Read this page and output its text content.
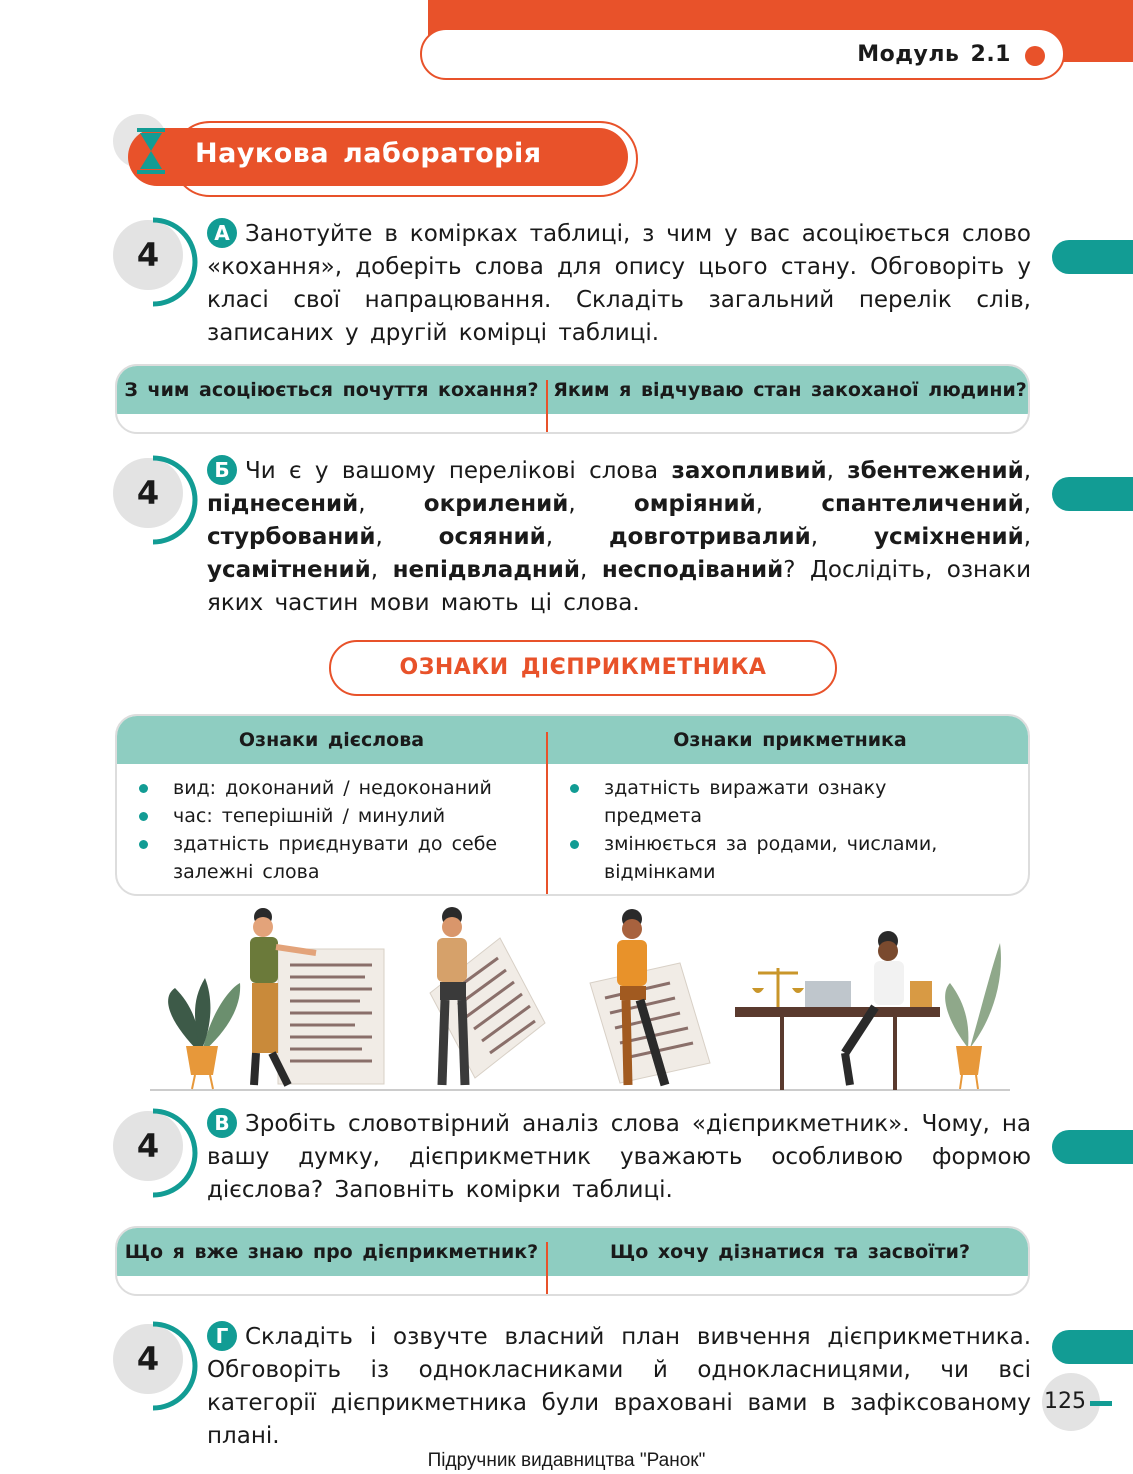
Модуль 2.1
Наукова лабораторія
4
А Занотуйте в комірках таблиці, з чим у вас асоціюється слово «кохання», доберіть слова для опису цього стану. Обговоріть у класі свої напрацювання. Складіть загальний перелік слів, записаних у другій комірці таблиці.
З чим асоціюється почуття кохання? Яким я відчуваю стан закоханої людини?
4
Б Чи є у вашому переліковi слова захопливий, збентежений, піднесений, окрилений, омріяний, спантеличений, стурбований, осяяний, довготривалий, усміхнений, усамітнений, непідвладний, несподіваний? Дослідіть, ознаки яких частин мови мають ці слова.
ОЗНАКИ ДІЄПРИКМЕТНИКА
Ознаки дієслова	Ознаки прикметника
вид: доконаний / недоконаний
час: теперішній / минулий
здатність приєднувати до себе залежні слова
здатність виражати ознаку предмета
змінюється за родами, числами, відмінками
4
В Зробіть словотвірний аналіз слова «дієприкметник». Чому, на вашу думку, дієприкметник уважають особливою формою дієслова? Заповніть комірки таблиці.
Що я вже знаю про дієприкметник?	Що хочу дізнатися та засвоїти?
4
Г Складіть і озвучте власний план вивчення дієприкметника. Обговоріть із однокласниками й однокласницями, чи всі категорії дієприкметника були враховані вами в зафіксованому плані.
125
Підручник видавництва "Ранок"
